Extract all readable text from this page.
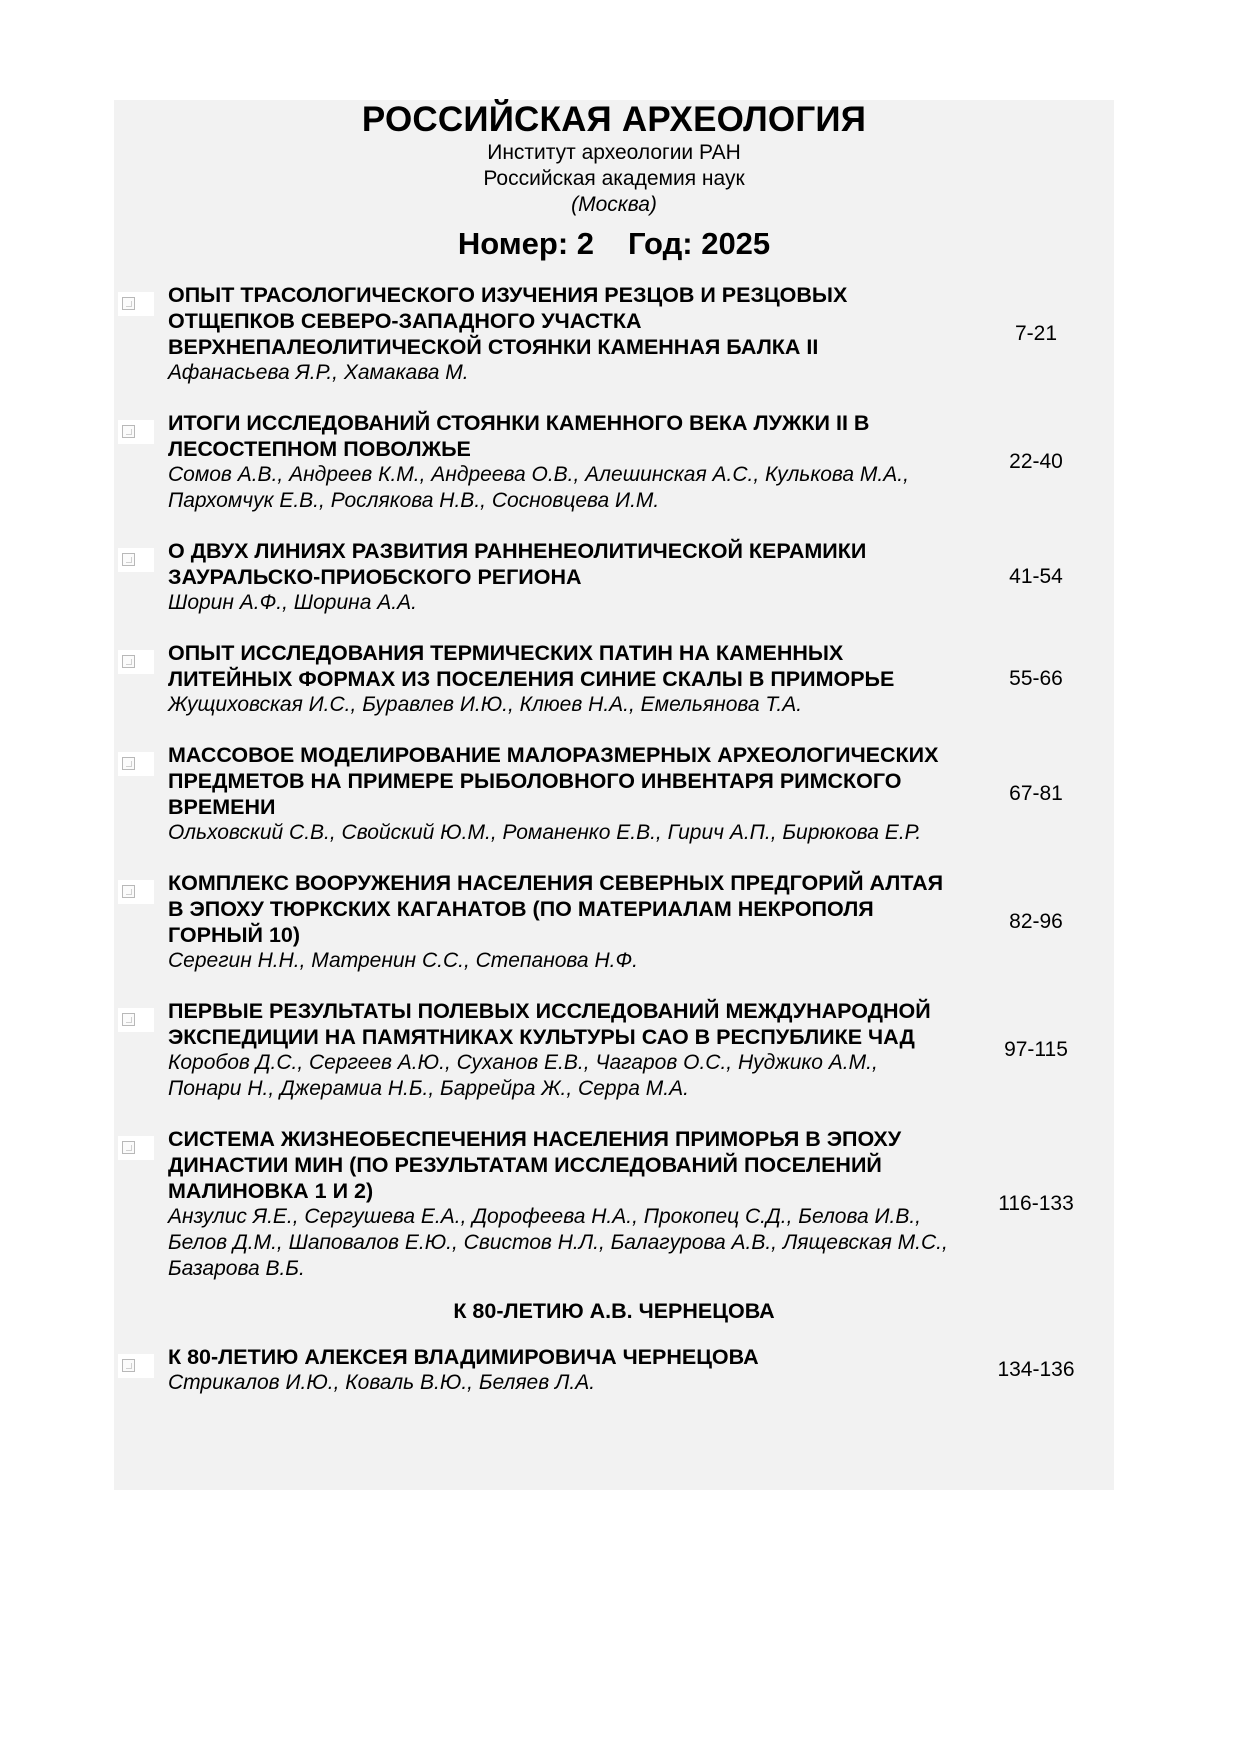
РОССИЙСКАЯ АРХЕОЛОГИЯ
Институт археологии РАН
Российская академия наук
(Москва)
Номер: 2 Год: 2025
ОПЫТ ТРАСОЛОГИЧЕСКОГО ИЗУЧЕНИЯ РЕЗЦОВ И РЕЗЦОВЫХ ОТЩЕПКОВ СЕВЕРО-ЗАПАДНОГО УЧАСТКА ВЕРХНЕПАЛЕОЛИТИЧЕСКОЙ СТОЯНКИ КАМЕННАЯ БАЛКА II
Афанасьева Я.Р., Хамакава М.
7-21
ИТОГИ ИССЛЕДОВАНИЙ СТОЯНКИ КАМЕННОГО ВЕКА ЛУЖКИ II В ЛЕСОСТЕПНОМ ПОВОЛЖЬЕ
Сомов А.В., Андреев К.М., Андреева О.В., Алешинская А.С., Кулькова М.А., Пархомчук Е.В., Рослякова Н.В., Сосновцева И.М.
22-40
О ДВУХ ЛИНИЯХ РАЗВИТИЯ РАННЕНЕОЛИТИЧЕСКОЙ КЕРАМИКИ ЗАУРАЛЬСКО-ПРИОБСКОГО РЕГИОНА
Шорин А.Ф., Шорина А.А.
41-54
ОПЫТ ИССЛЕДОВАНИЯ ТЕРМИЧЕСКИХ ПАТИН НА КАМЕННЫХ ЛИТЕЙНЫХ ФОРМАХ ИЗ ПОСЕЛЕНИЯ СИНИЕ СКАЛЫ В ПРИМОРЬЕ
Жущиховская И.С., Буравлев И.Ю., Клюев Н.А., Емельянова Т.А.
55-66
МАССОВОЕ МОДЕЛИРОВАНИЕ МАЛОРАЗМЕРНЫХ АРХЕОЛОГИЧЕСКИХ ПРЕДМЕТОВ НА ПРИМЕРЕ РЫБОЛОВНОГО ИНВЕНТАРЯ РИМСКОГО ВРЕМЕНИ
Ольховский С.В., Свойский Ю.М., Романенко Е.В., Гирич А.П., Бирюкова Е.Р.
67-81
КОМПЛЕКС ВООРУЖЕНИЯ НАСЕЛЕНИЯ СЕВЕРНЫХ ПРЕДГОРИЙ АЛТАЯ В ЭПОХУ ТЮРКСКИХ КАГАНАТОВ (ПО МАТЕРИАЛАМ НЕКРОПОЛЯ ГОРНЫЙ 10)
Серегин Н.Н., Матренин С.С., Степанова Н.Ф.
82-96
ПЕРВЫЕ РЕЗУЛЬТАТЫ ПОЛЕВЫХ ИССЛЕДОВАНИЙ МЕЖДУНАРОДНОЙ ЭКСПЕДИЦИИ НА ПАМЯТНИКАХ КУЛЬТУРЫ САО В РЕСПУБЛИКЕ ЧАД
Коробов Д.С., Сергеев А.Ю., Суханов Е.В., Чагаров О.С., Нуджико А.М., Понари Н., Джерамиа Н.Б., Баррейра Ж., Серра М.А.
97-115
СИСТЕМА ЖИЗНЕОБЕСПЕЧЕНИЯ НАСЕЛЕНИЯ ПРИМОРЬЯ В ЭПОХУ ДИНАСТИИ МИН (ПО РЕЗУЛЬТАТАМ ИССЛЕДОВАНИЙ ПОСЕЛЕНИЙ МАЛИНОВКА 1 И 2)
Анзулис Я.Е., Сергушева Е.А., Дорофеева Н.А., Прокопец С.Д., Белова И.В., Белов Д.М., Шаповалов Е.Ю., Свистов Н.Л., Балагурова А.В., Лящевская М.С., Базарова В.Б.
116-133
К 80-ЛЕТИЮ А.В. ЧЕРНЕЦОВА
К 80-ЛЕТИЮ АЛЕКСЕЯ ВЛАДИМИРОВИЧА ЧЕРНЕЦОВА
Стрикалов И.Ю., Коваль В.Ю., Беляев Л.А.
134-136
